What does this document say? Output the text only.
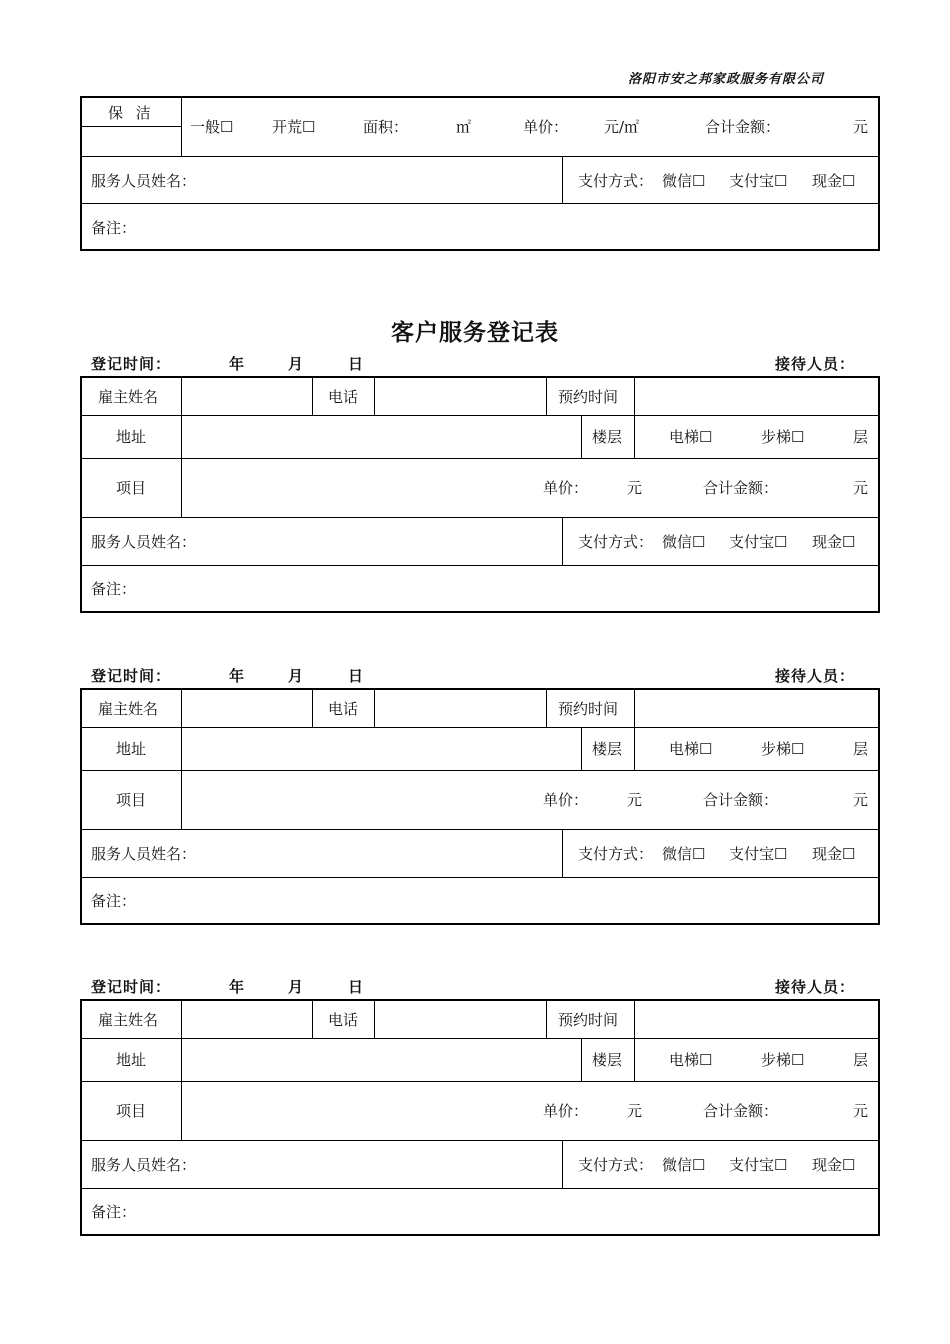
洛阳市安之邦家政服务有限公司
保 洁
一般☐	开荒☐	面积：	㎡	单价： 元/㎡	合计金额：	元
服务人员姓名：	支付方式： 微信☐ 支付宝☐ 现金☐
备注：
客户服务登记表
登记时间：	年	月	日	接待人员：
雇主姓名	电话	预约时间
地址	楼层	电梯☐	步梯☐	层
项目	单价：	元	合计金额：	元
服务人员姓名：	支付方式： 微信☐ 支付宝☐ 现金☐
备注：
登记时间：	年	月	日	接待人员：
雇主姓名	电话	预约时间
地址	楼层	电梯☐	步梯☐	层
项目	单价：	元	合计金额：	元
服务人员姓名：	支付方式： 微信☐ 支付宝☐ 现金☐
备注：
登记时间：	年	月	日	接待人员：
雇主姓名	电话	预约时间
地址	楼层	电梯☐	步梯☐	层
项目	单价：	元	合计金额：	元
服务人员姓名：	支付方式： 微信☐ 支付宝☐ 现金☐
备注：
